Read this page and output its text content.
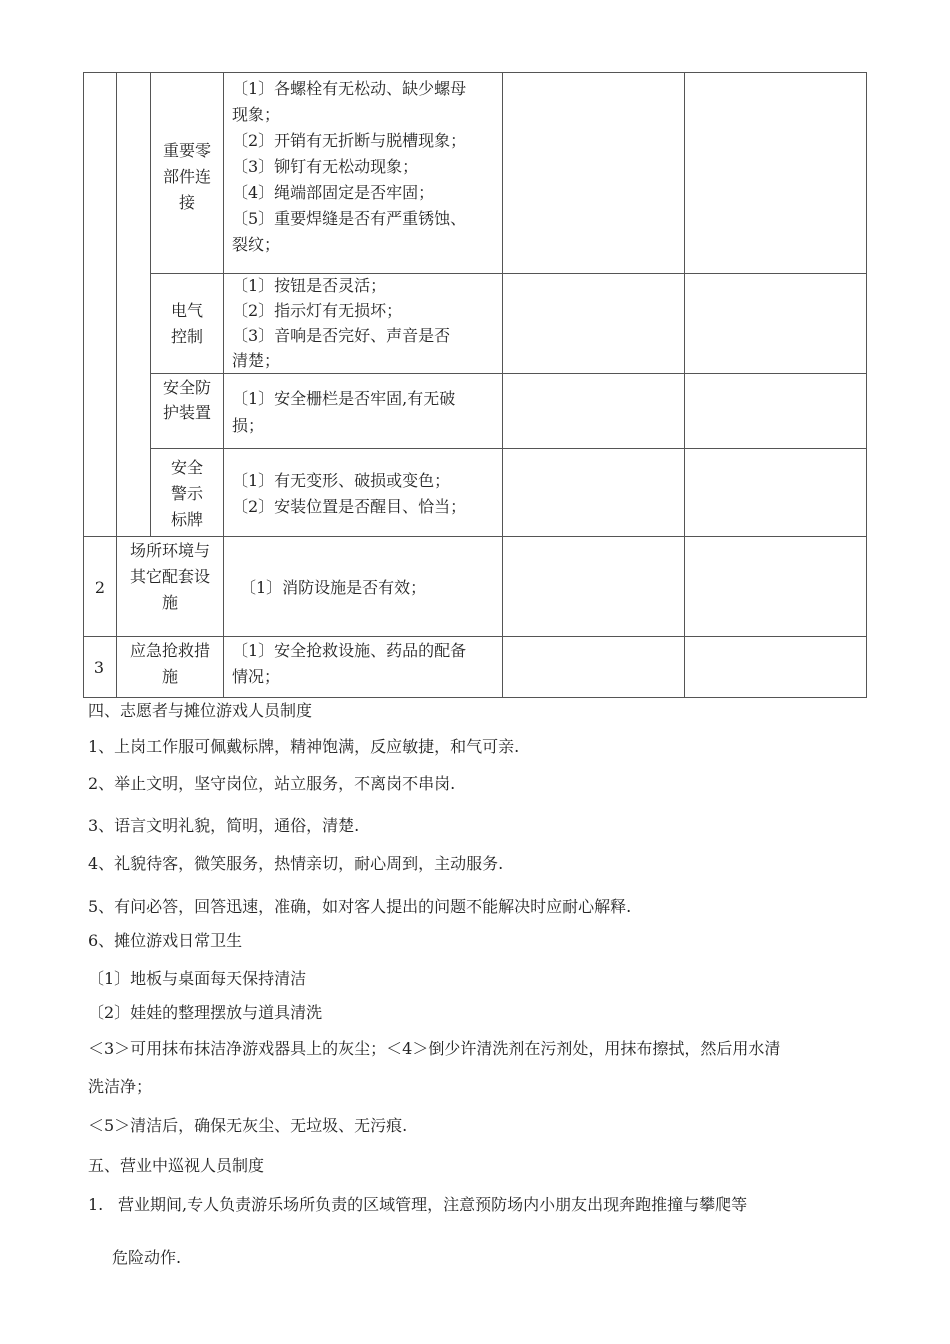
重要零
部件连
接
〔1〕各螺栓有无松动、缺少螺母
现象；
〔2〕开销有无折断与脱槽现象；
〔3〕铆钉有无松动现象；
〔4〕绳端部固定是否牢固；
〔5〕重要焊缝是否有严重锈蚀、
裂纹；
电气
控制
〔1〕按钮是否灵活；
〔2〕指示灯有无损坏；
〔3〕音响是否完好、声音是否
清楚；
安全防
护装置
〔1〕安全栅栏是否牢固,有无破
损；
安全
警示
标牌
〔1〕有无变形、破损或变色；
〔2〕安装位置是否醒目、恰当；
2
场所环境与
其它配套设
施
〔1〕消防设施是否有效；
3
应急抢救措
施
〔1〕安全抢救设施、药品的配备
情况；
四、志愿者与摊位游戏人员制度
1、上岗工作服可佩戴标牌，精神饱满，反应敏捷，和气可亲.
2、举止文明，坚守岗位，站立服务，不离岗不串岗.
3、语言文明礼貌，简明，通俗，清楚.
4、礼貌待客，微笑服务，热情亲切，耐心周到，主动服务.
5、有问必答，回答迅速，准确，如对客人提出的问题不能解决时应耐心解释.
6、摊位游戏日常卫生
〔1〕地板与桌面每天保持清洁
〔2〕娃娃的整理摆放与道具清洗
＜3＞可用抹布抹洁净游戏器具上的灰尘；＜4＞倒少许清洗剂在污剂处，用抹布擦拭，然后用水清
洗洁净；
＜5＞清洁后，确保无灰尘、无垃圾、无污痕.
五、营业中巡视人员制度
1. 营业期间,专人负责游乐场所负责的区域管理，注意预防场内小朋友出现奔跑推撞与攀爬等
危险动作.
